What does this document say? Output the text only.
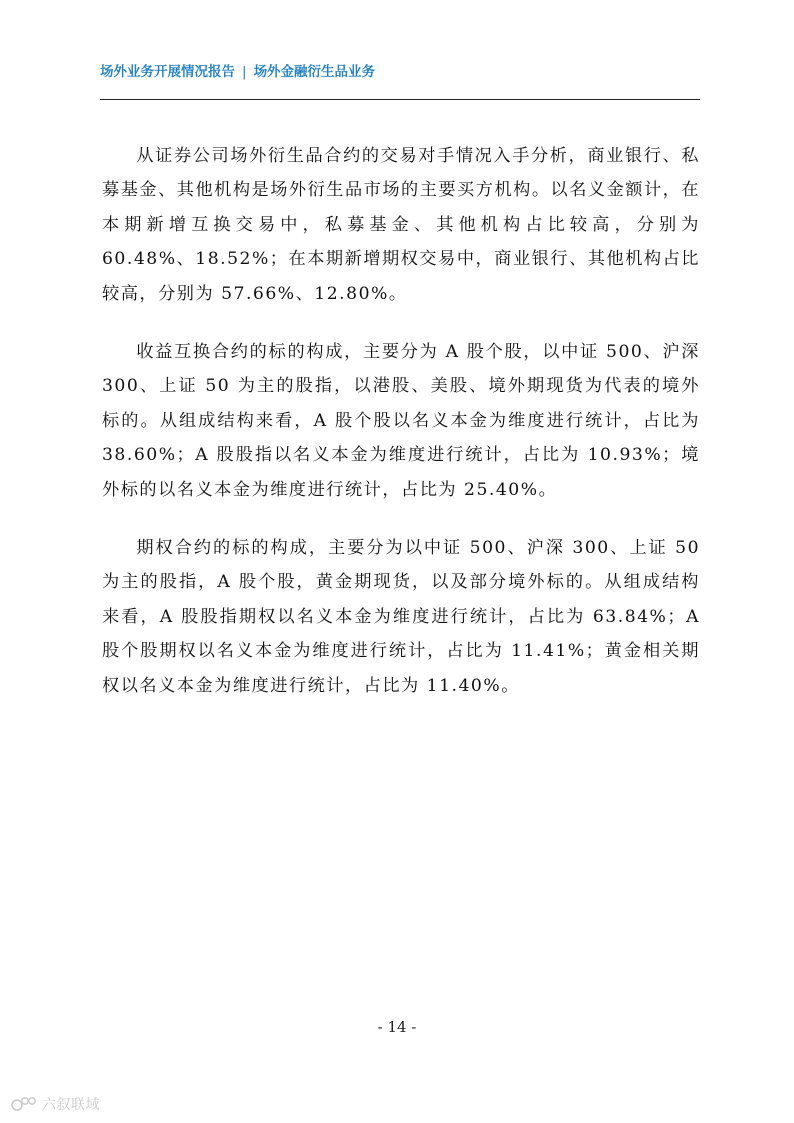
场外业务开展情况报告 | 场外金融衍生品业务

从证券公司场外衍生品合约的交易对手情况入手分析，商业银行、私募基金、其他机构是场外衍生品市场的主要买方机构。以名义金额计，在本期新增互换交易中，私募基金、其他机构占比较高，分别为 60.48%、18.52%；在本期新增期权交易中，商业银行、其他机构占比较高，分别为 57.66%、12.80%。

收益互换合约的标的构成，主要分为 A 股个股，以中证 500、沪深 300、上证 50 为主的股指，以港股、美股、境外期现货为代表的境外标的。从组成结构来看，A 股个股以名义本金为维度进行统计，占比为 38.60%；A 股股指以名义本金为维度进行统计，占比为 10.93%；境外标的以名义本金为维度进行统计，占比为 25.40%。

期权合约的标的构成，主要分为以中证 500、沪深 300、上证 50 为主的股指，A 股个股，黄金期现货，以及部分境外标的。从组成结构来看，A 股股指期权以名义本金为维度进行统计，占比为 63.84%；A 股个股期权以名义本金为维度进行统计，占比为 11.41%；黄金相关期权以名义本金为维度进行统计，占比为 11.40%。

- 14 -
六叙联域
